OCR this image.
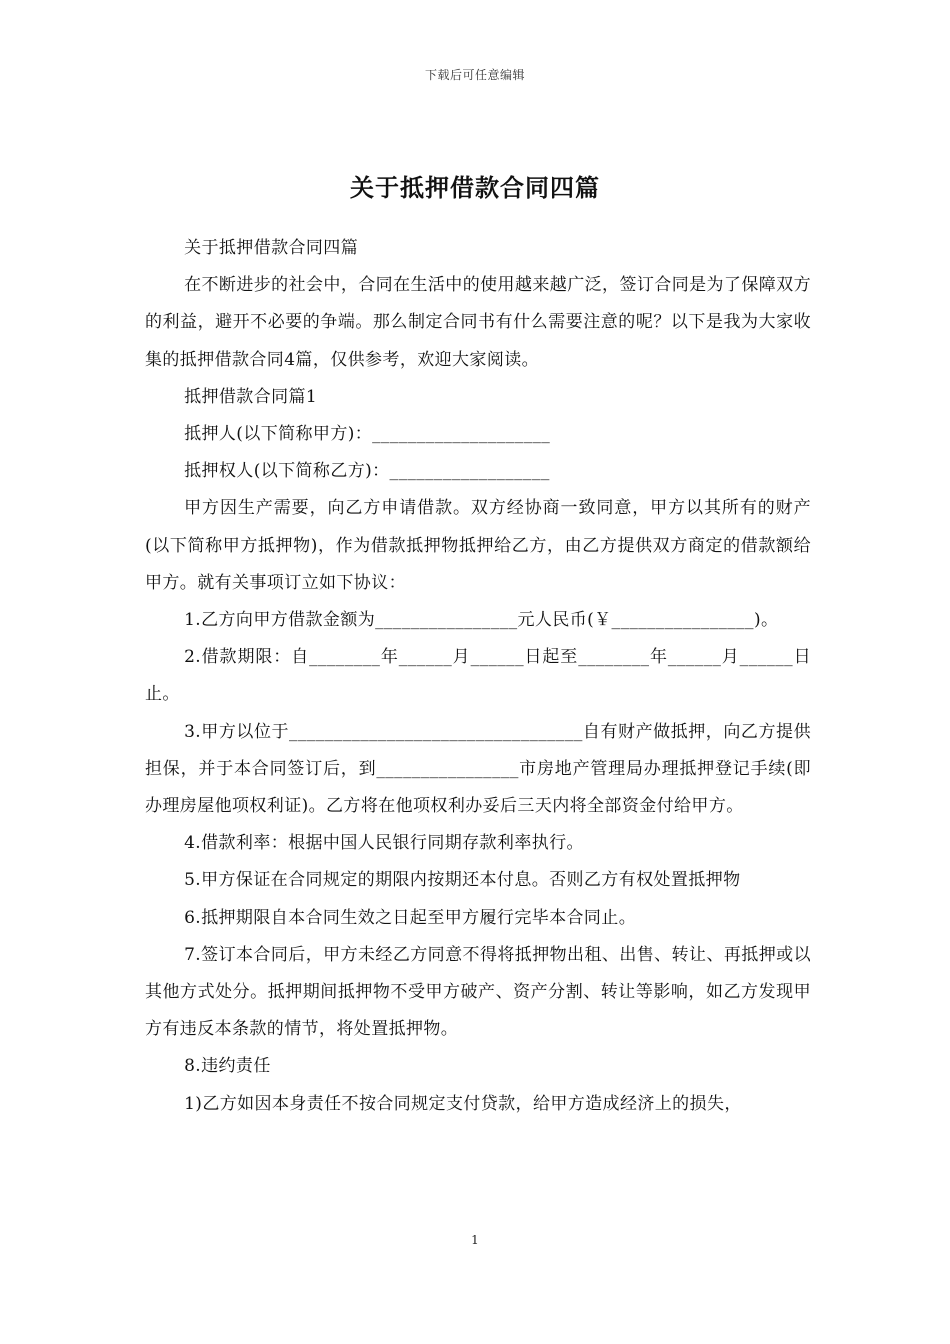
下载后可任意编辑
关于抵押借款合同四篇

关于抵押借款合同四篇

在不断进步的社会中，合同在生活中的使用越来越广泛，签订合同是为了保障双方的利益，避开不必要的争端。那么制定合同书有什么需要注意的呢？以下是我为大家收集的抵押借款合同4篇，仅供参考，欢迎大家阅读。

抵押借款合同篇1

抵押人(以下简称甲方)：____________________

抵押权人(以下简称乙方)：__________________

甲方因生产需要，向乙方申请借款。双方经协商一致同意，甲方以其所有的财产(以下简称甲方抵押物)，作为借款抵押物抵押给乙方，由乙方提供双方商定的借款额给甲方。就有关事项订立如下协议：

1.乙方向甲方借款金额为________________元人民币(￥________________)。

2.借款期限：自________年______月______日起至________年______月______日止。

3.甲方以位于_________________________________自有财产做抵押，向乙方提供担保，并于本合同签订后，到________________市房地产管理局办理抵押登记手续(即办理房屋他项权利证)。乙方将在他项权利办妥后三天内将全部资金付给甲方。

4.借款利率：根据中国人民银行同期存款利率执行。

5.甲方保证在合同规定的期限内按期还本付息。否则乙方有权处置抵押物

6.抵押期限自本合同生效之日起至甲方履行完毕本合同止。

7.签订本合同后，甲方未经乙方同意不得将抵押物出租、出售、转让、再抵押或以其他方式处分。抵押期间抵押物不受甲方破产、资产分割、转让等影响，如乙方发现甲方有违反本条款的情节，将处置抵押物。

8.违约责任

1)乙方如因本身责任不按合同规定支付贷款，给甲方造成经济上的损失，

1
